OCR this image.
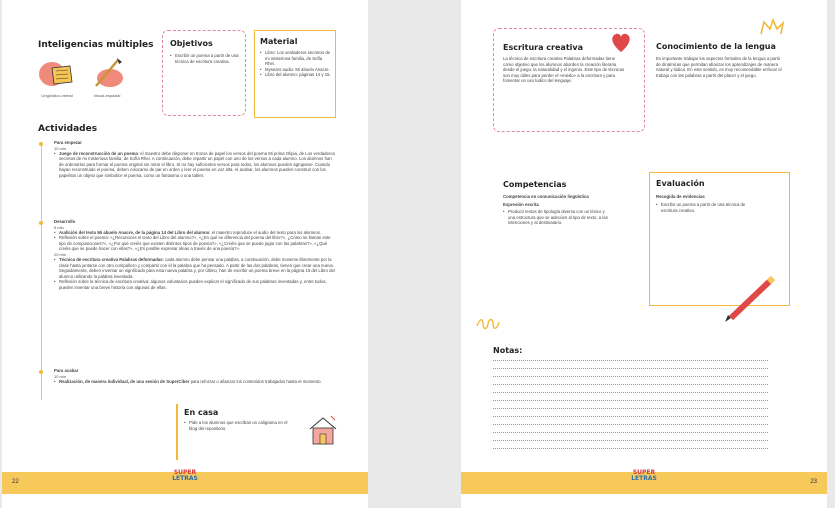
Inteligencias múltiples
Lingüístico-verbal	Visual-espacial
Objetivos
• Escribir un poema a partir de una técnica de escritura creativa.
Material
• Libro: Los verdaderos secretos de mi misteriosa familia, de Sofía Rhei.
• Mysears audio: Mi abuelo Anacre.
• Libro del alumno: páginas 14 y 15.
Actividades
Para empezar
10 min
• Juego de reconstrucción de un poema: el maestro debe disponer en trozos de papel los versos del poema Mi prima Olipia, de Los verdaderos secretos de mi misteriosa familia, de Sofía Rhei. A continuación, debe repartir un papel con uno de los versos a cada alumno. Los alumnos han de ordenarlos para formar el poema original sin mirar el libro. Si no hay suficientes versos para todos, los alumnos pueden agruparse. Cuando hayan reconstruido el poema, deben colocarse de par en orden y leer el poema en voz alta. Al acabar, los alumnos pueden construir con los papelitos un objeto que simbolice el poema, como un fantasma o una tablet.
Desarrollo
5 min
• Audición del texto Mi abuelo Anacre, de la página 14 del Libro del alumno: el maestro reproduce el audio del texto para los alumnos.
• Reflexión sobre el poema: «¿Reconoces el texto del Libro del alumno?», «¿En qué se diferencia del poema del libro?», ¿Cómo se llaman este tipo de composiciones?», «¿Por qué creéis que existen distintos tipos de poesía?», «¿Creéis que se puede jugar con las palabras?», «¿Qué creéis que se puede hacer con ellas?», «¿Es posible expresar ideas a través de una poesía?».
20 min
• Técnica de escritura creativa Palabras deformadas: cada alumno debe pensar una palabra, a continuación, debe moverse libremente por la clase hasta juntarse con otro compañero y compartir con él la palabra que ha pensado. A partir de las dos palabras, tienen que crear una nueva. Seguidamente, deben inventar un significado para esta nueva palabra y, por último, han de escribir un poema breve en la página 15 del Libro del alumno utilizando la palabra inventada.
• Reflexión sobre la técnica de escritura creativa: algunos voluntarios pueden explicar el significado de sus palabras inventadas y, entre todos, pueden inventar una breve historia con algunas de ellas.
Para acabar
10 min
• Realización, de manera individual, de una sesión de SuperCiber para reforzar o afianzar los contenidos trabajados hasta el momento.
En casa
• Pide a los alumnos que escriban un caligrama en el blog del repositorio.
22
SUPER
LETRAS
Escritura creativa
La técnica de escritura creativa Palabras deformadas tiene como objetivo que los alumnos aborden la creación literaria desde el juego, la naturalidad y el ingenio. Este tipo de técnicas son muy útiles para perder el «miedo» a la escritura y para fomentar un uso lúdico del lenguaje.
Conocimiento de la lengua
Es importante trabajar los aspectos formales de la lengua a partir de dinámicas que permitan afianzar los aprendizajes de manera natural y lúdica. En este sentido, es muy recomendable enfocar el trabajo con las palabras a partir del placer y el juego.
Competencias
Competencia en comunicación lingüística
Expresión escrita
• Producir textos de tipología diversa con un léxico y una estructura que se adecúen al tipo de texto, a las intenciones y al destinatario.
Evaluación
Recogida de evidencias
• Escribir un poema a partir de una técnica de escritura creativa.
Notas:
SUPER
LETRAS	23
